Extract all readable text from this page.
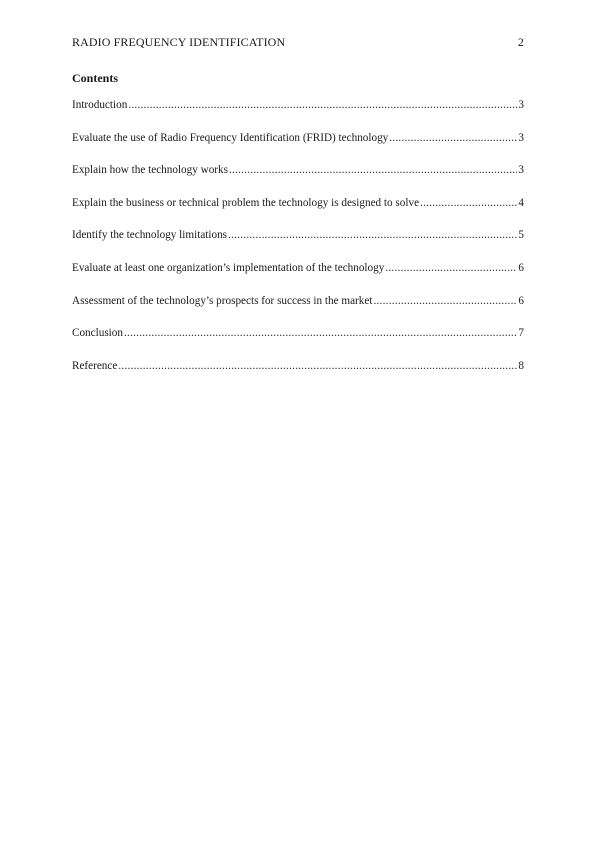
RADIO FREQUENCY IDENTIFICATION	2
Contents
Introduction .....	3
Evaluate the use of Radio Frequency Identification (FRID) technology .....	3
Explain how the technology works .....	3
Explain the business or technical problem the technology is designed to solve .....	4
Identify the technology limitations .....	5
Evaluate at least one organization’s implementation of the technology .....	6
Assessment of the technology’s prospects for success in the market .....	6
Conclusion .....	7
Reference .....	8
